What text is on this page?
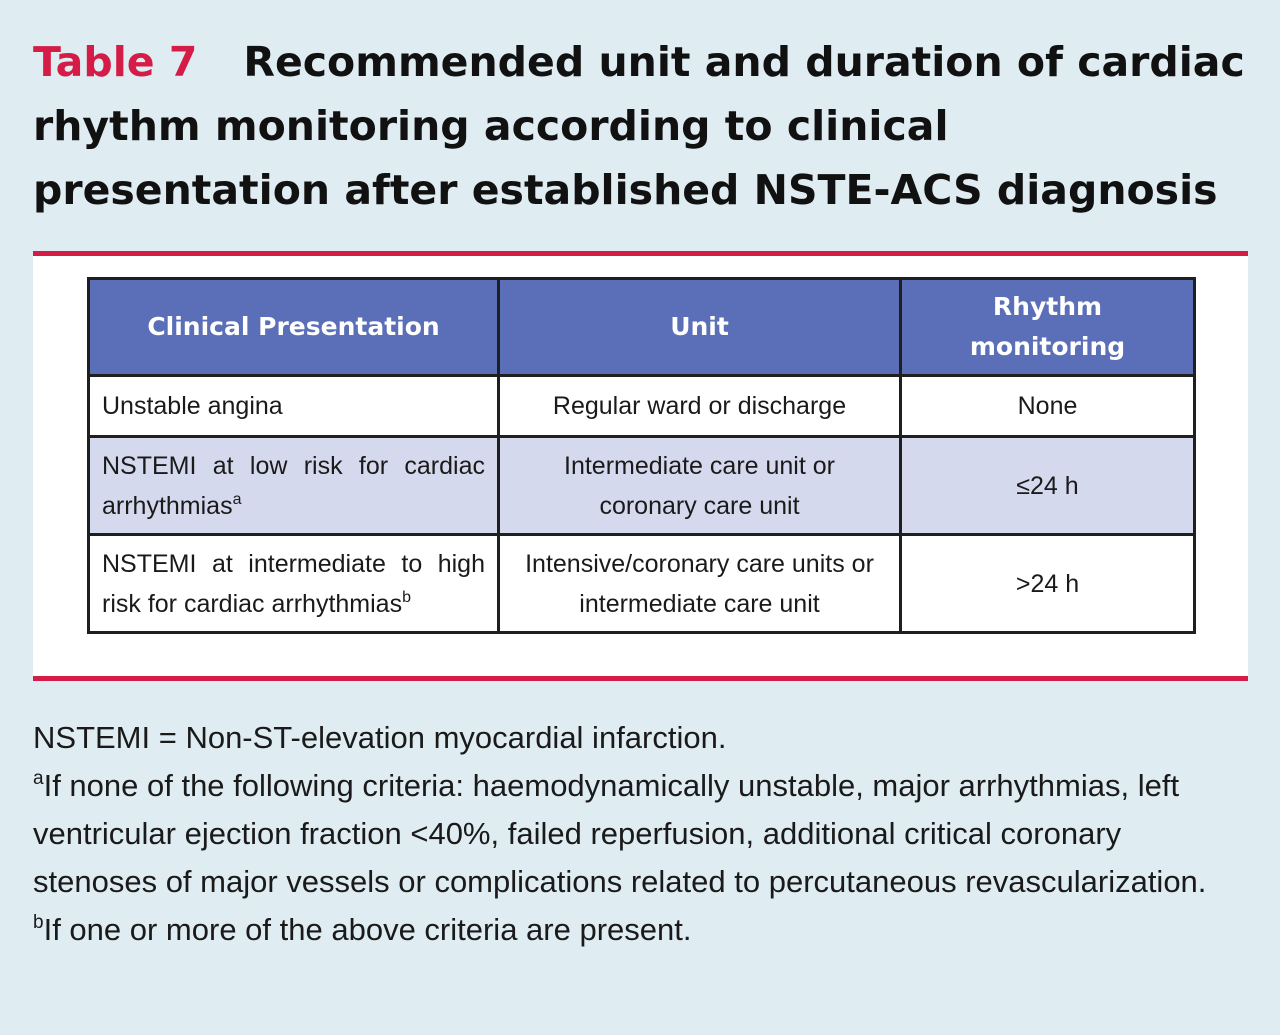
Table 7 Recommended unit and duration of cardiac rhythm monitoring according to clinical presentation after established NSTE-ACS diagnosis
Clinical Presentation	Unit	Rhythm monitoring
Unstable angina	Regular ward or discharge	None
NSTEMI at low risk for cardiac arrhythmias$^a$	Intermediate care unit or coronary care unit	≤24 h
NSTEMI at intermediate to high risk for cardiac arrhythmias$^b$	Intensive/coronary care units or intermediate care unit	>24 h

NSTEMI = Non-ST-elevation myocardial infarction.

$^a$If none of the following criteria: haemodynamically unstable, major arrhythmias, left ventricular ejection fraction <40%, failed reperfusion, additional critical coronary stenoses of major vessels or complications related to percutaneous revascularization.

$^b$If one or more of the above criteria are present.
